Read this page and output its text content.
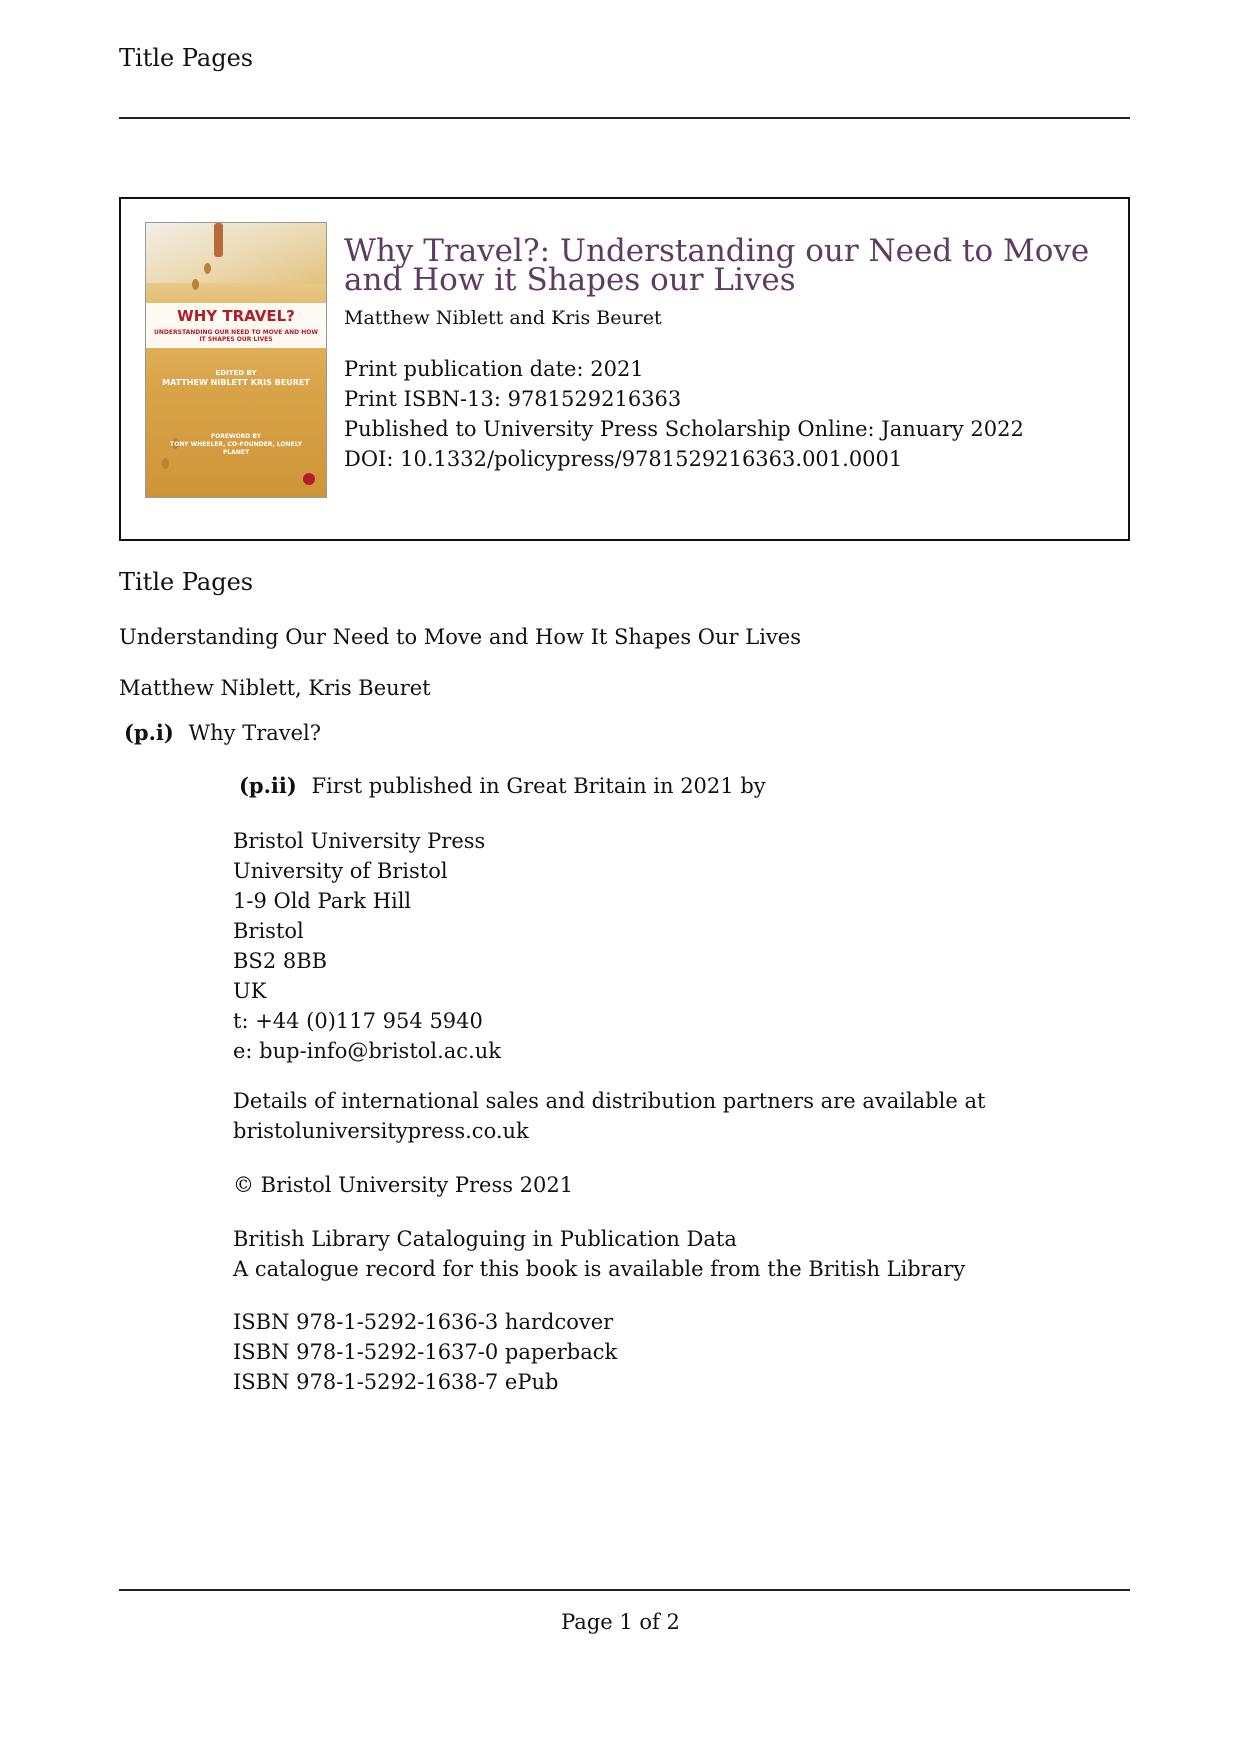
Title Pages
WHY TRAVEL?
UNDERSTANDING OUR NEED TO MOVE AND HOW IT SHAPES OUR LIVES
EDITED BY
MATTHEW NIBLETT KRIS BEURET
FOREWORD BY
TONY WHEELER, CO-FOUNDER, LONELY PLANET
Why Travel?: Understanding our Need to Move and How it Shapes our Lives
Matthew Niblett and Kris Beuret
Print publication date: 2021
Print ISBN-13: 9781529216363
Published to University Press Scholarship Online: January 2022
DOI: 10.1332/policypress/9781529216363.001.0001
Title Pages
Understanding Our Need to Move and How It Shapes Our Lives
Matthew Niblett, Kris Beuret
(p.i) Why Travel?
(p.ii) First published in Great Britain in 2021 by
Bristol University Press
University of Bristol
1-9 Old Park Hill
Bristol
BS2 8BB
UK
t: +44 (0)117 954 5940
e: bup-info@bristol.ac.uk
Details of international sales and distribution partners are available at
bristoluniversitypress.co.uk
© Bristol University Press 2021
British Library Cataloguing in Publication Data
A catalogue record for this book is available from the British Library
ISBN 978-1-5292-1636-3 hardcover
ISBN 978-1-5292-1637-0 paperback
ISBN 978-1-5292-1638-7 ePub
Page 1 of 2
